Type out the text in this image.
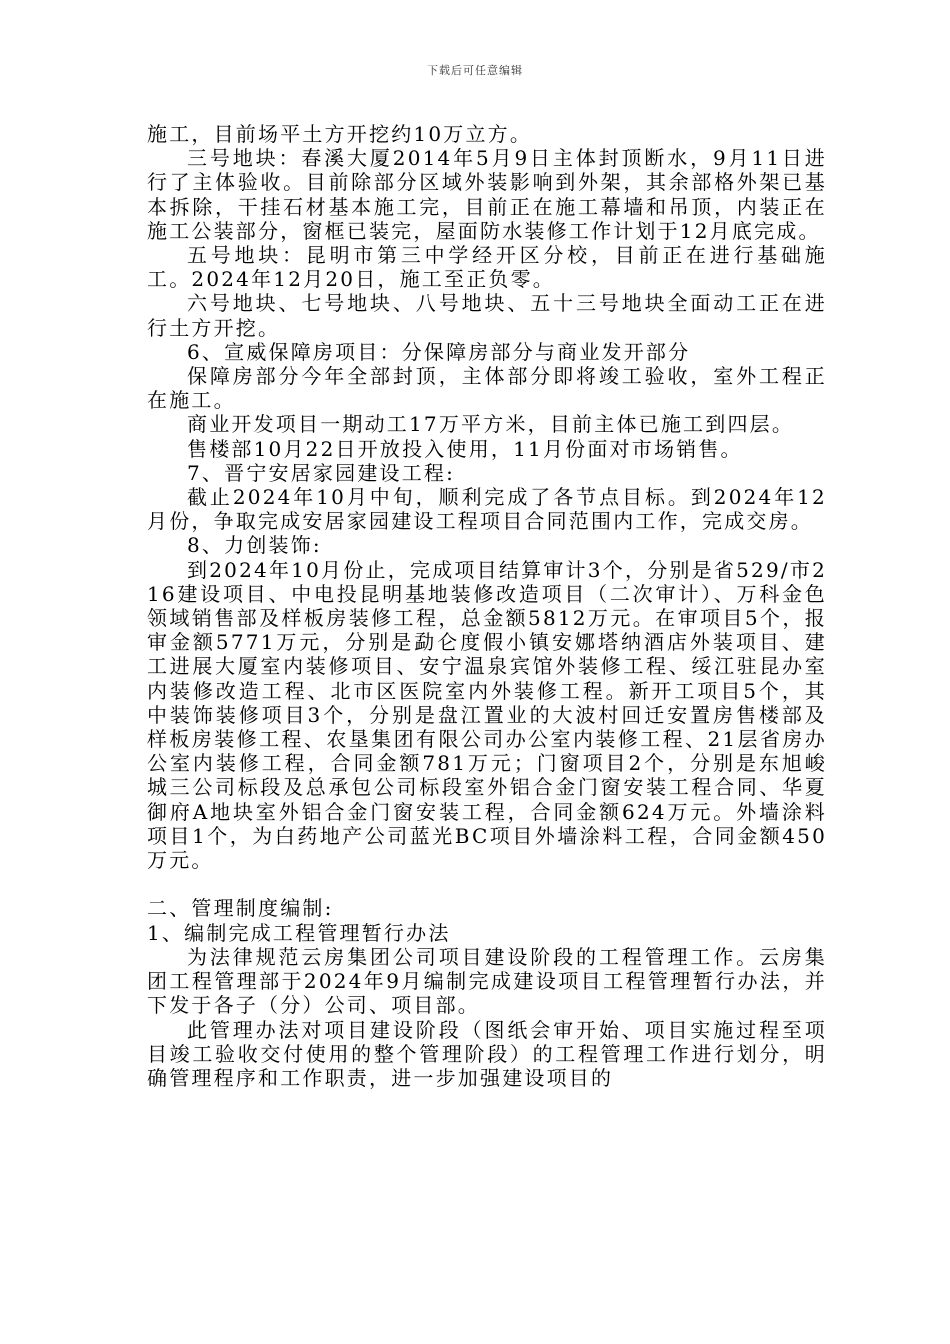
下载后可任意编辑

施工，目前场平土方开挖约10万立方。

三号地块：春溪大厦2014年5月9日主体封顶断水，9月11日进行了主体验收。目前除部分区域外装影响到外架，其余部格外架已基本拆除，干挂石材基本施工完，目前正在施工幕墙和吊顶，内装正在施工公装部分，窗框已装完，屋面防水装修工作计划于12月底完成。

五号地块：昆明市第三中学经开区分校，目前正在进行基础施工。2024年12月20日，施工至正负零。

六号地块、七号地块、八号地块、五十三号地块全面动工正在进行土方开挖。

6、宣威保障房项目：分保障房部分与商业发开部分

保障房部分今年全部封顶，主体部分即将竣工验收，室外工程正在施工。

商业开发项目一期动工17万平方米，目前主体已施工到四层。

售楼部10月22日开放投入使用，11月份面对市场销售。

7、晋宁安居家园建设工程:

截止2024年10月中旬，顺利完成了各节点目标。到2024年12月份，争取完成安居家园建设工程项目合同范围内工作，完成交房。

8、力创装饰:

到2024年10月份止，完成项目结算审计3个，分别是省529/市216建设项目、中电投昆明基地装修改造项目（二次审计）、万科金色领域销售部及样板房装修工程，总金额5812万元。在审项目5个，报审金额5771万元，分别是勐仑度假小镇安娜塔纳酒店外装项目、建工进展大厦室内装修项目、安宁温泉宾馆外装修工程、绥江驻昆办室内装修改造工程、北市区医院室内外装修工程。新开工项目5个，其中装饰装修项目3个，分别是盘江置业的大波村回迁安置房售楼部及样板房装修工程、农垦集团有限公司办公室内装修工程、21层省房办公室内装修工程，合同金额781万元；门窗项目2个，分别是东旭峻城三公司标段及总承包公司标段室外铝合金门窗安装工程合同、华夏御府A地块室外铝合金门窗安装工程，合同金额624万元。外墙涂料项目1个，为白药地产公司蓝光BC项目外墙涂料工程，合同金额450万元。

二、管理制度编制:

1、编制完成工程管理暂行办法

为法律规范云房集团公司项目建设阶段的工程管理工作。云房集团工程管理部于2024年9月编制完成建设项目工程管理暂行办法，并下发于各子（分）公司、项目部。

此管理办法对项目建设阶段（图纸会审开始、项目实施过程至项目竣工验收交付使用的整个管理阶段）的工程管理工作进行划分，明确管理程序和工作职责，进一步加强建设项目的
